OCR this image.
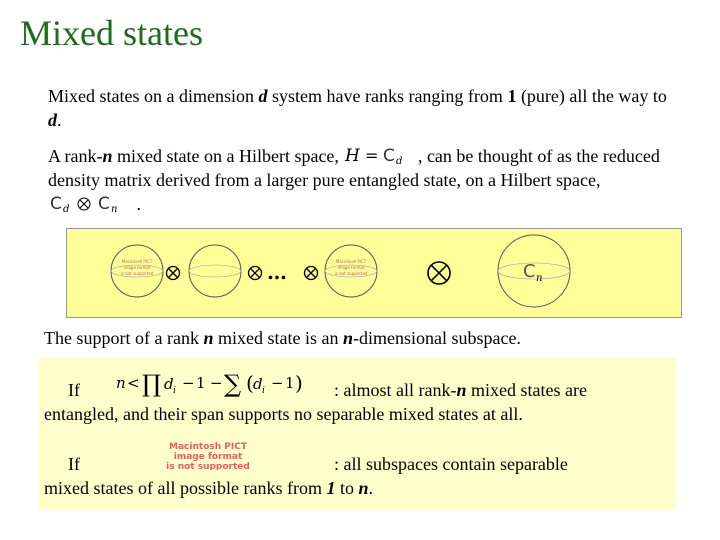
Mixed states
Mixed states on a dimension d system have ranks ranging from 1 (pure) all the way to d.
A rank-n mixed state on a Hilbert space, H = C d , can be thought of as the reduced density matrix derived from a larger pure entangled state, on a Hilbert space,
C d C n .
Macintosh PICT
image format
is not supported	…	Macintosh PICT
image format
is not supported	C n
The support of a rank n mixed state is an n-dimensional subspace.
If n < ∏ d i − 1 − ∑ ( d i − 1 ) : almost all rank-n mixed states are
entangled, and their span supports no separable mixed states at all.
If
Macintosh PICT
image format
is not supported	: all subspaces contain separable
mixed states of all possible ranks from 1 to n.
